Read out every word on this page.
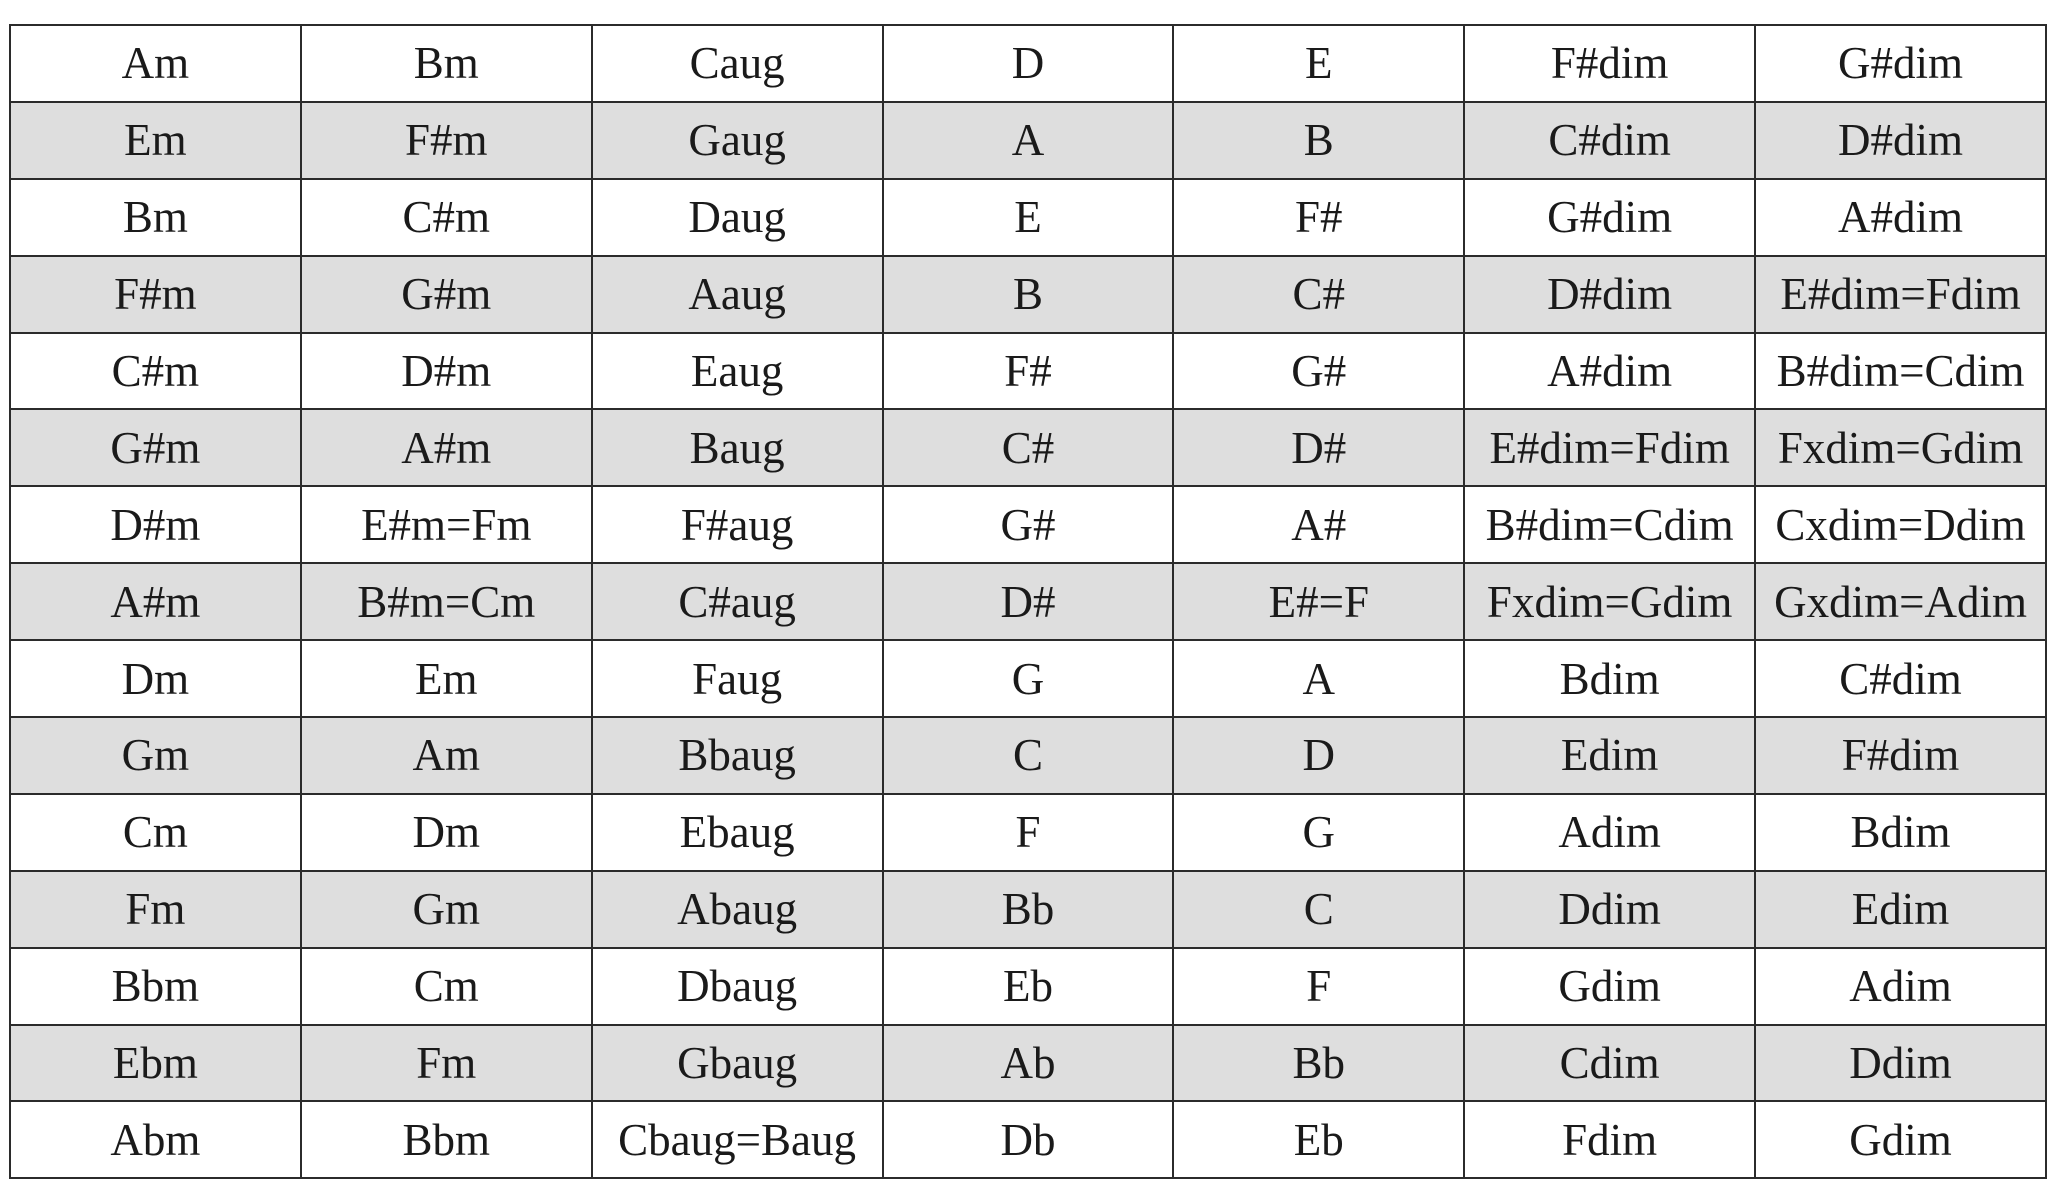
Am	Bm	Caug	D	E	F#dim	G#dim
Em	F#m	Gaug	A	B	C#dim	D#dim
Bm	C#m	Daug	E	F#	G#dim	A#dim
F#m	G#m	Aaug	B	C#	D#dim	E#dim=Fdim
C#m	D#m	Eaug	F#	G#	A#dim	B#dim=Cdim
G#m	A#m	Baug	C#	D#	E#dim=Fdim	Fxdim=Gdim
D#m	E#m=Fm	F#aug	G#	A#	B#dim=Cdim	Cxdim=Ddim
A#m	B#m=Cm	C#aug	D#	E#=F	Fxdim=Gdim	Gxdim=Adim
Dm	Em	Faug	G	A	Bdim	C#dim
Gm	Am	Bbaug	C	D	Edim	F#dim
Cm	Dm	Ebaug	F	G	Adim	Bdim
Fm	Gm	Abaug	Bb	C	Ddim	Edim
Bbm	Cm	Dbaug	Eb	F	Gdim	Adim
Ebm	Fm	Gbaug	Ab	Bb	Cdim	Ddim
Abm	Bbm	Cbaug=Baug	Db	Eb	Fdim	Gdim
